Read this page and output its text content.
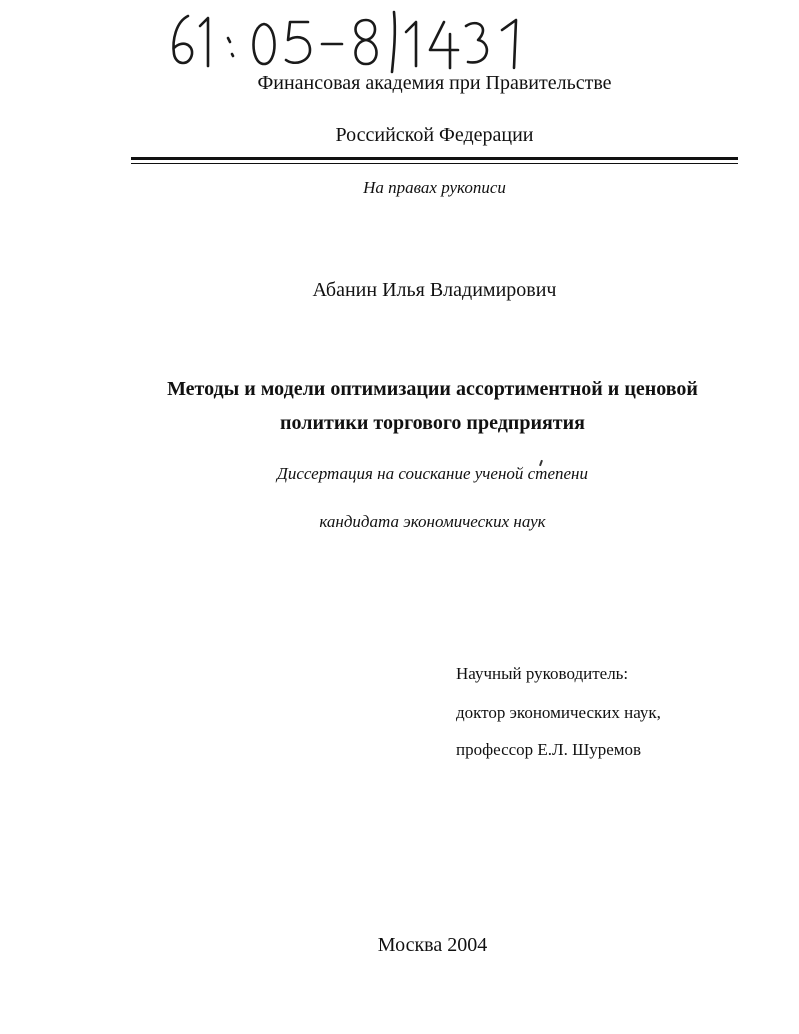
Финансовая академия при Правительстве
Российской Федерации
На правах рукописи
Абанин Илья Владимирович
Методы и модели оптимизации ассортиментной и ценовой
политики торгового предприятия
Диссертация на соискание ученой степени
кандидата экономических наук
Научный руководитель:
доктор экономических наук,
профессор Е.Л. Шуремов
Москва 2004
